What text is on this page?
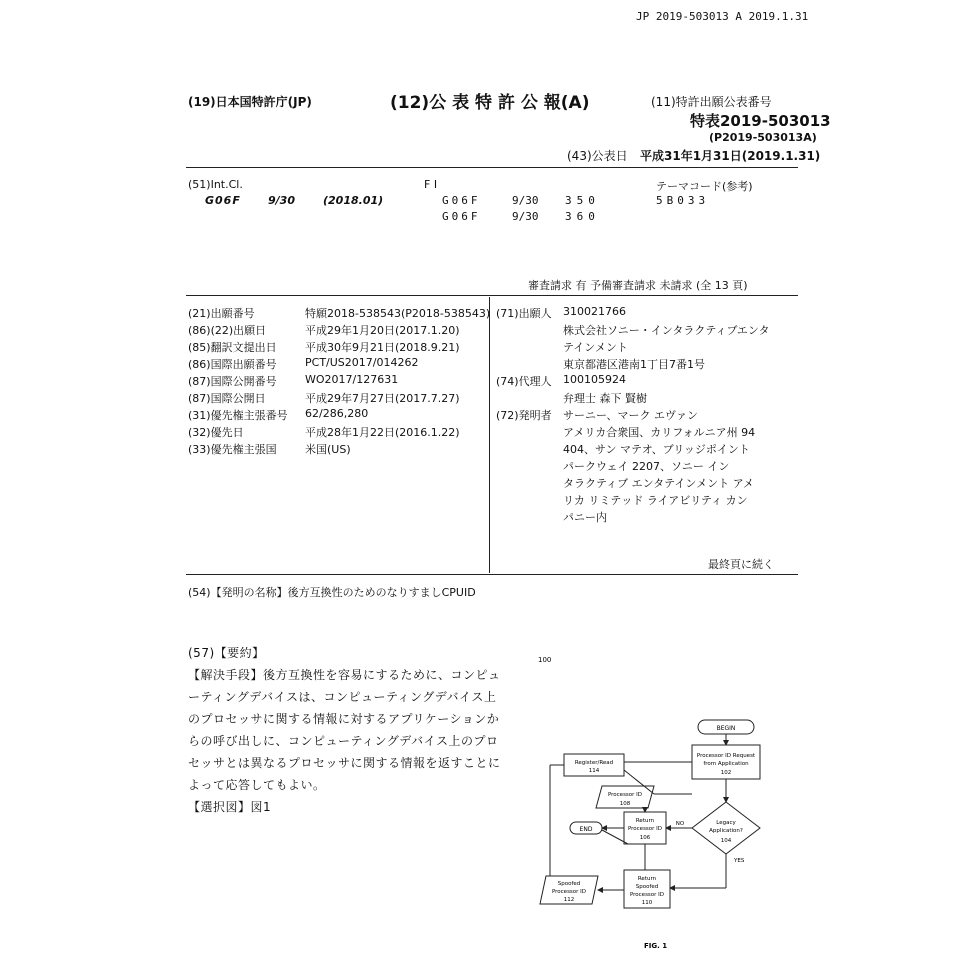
JP 2019-503013 A 2019.1.31
(19)日本国特許庁(JP)	(12)公 表 特 許 公 報(A)	(11)特許出願公表番号
特表2019-503013
(P2019-503013A)
(43)公表日 平成31年1月31日(2019.1.31)
(51)Int.Cl.
G06F 9/30	(2018.01)
F I
G06F	9/30 350
G06F	9/30 360
テーマコード(参考)
5B033
審査請求 有 予備審査請求 未請求 (全 13 頁)
(21)出願番号	特願2018-538543(P2018-538543)
(86)(22)出願日	平成29年1月20日(2017.1.20)
(85)翻訳文提出日	平成30年9月21日(2018.9.21)
(86)国際出願番号	PCT/US2017/014262
(87)国際公開番号	WO2017/127631
(87)国際公開日	平成29年7月27日(2017.7.27)
(31)優先権主張番号 62/286,280
(32)優先日	平成28年1月22日(2016.1.22)
(33)優先権主張国	米国(US)
(71)出願人 310021766
株式会社ソニー・インタラクティブエンタ
テインメント
東京都港区港南1丁目7番1号
(74)代理人 100105924
弁理士 森下 賢樹
(72)発明者 サーニー、マーク エヴァン
アメリカ合衆国、カリフォルニア州 94
404、サン マテオ、ブリッジポイント
パークウェイ 2207、ソニー イン
タラクティブ エンタテインメント アメ
リカ リミテッド ライアビリティ カン
パニー内
最終頁に続く
(54)【発明の名称】後方互換性のためのなりすましCPUID
(57)【要約】
【解決手段】後方互換性を容易にするために、コンピュ
ーティングデバイスは、コンピューティングデバイス上
のプロセッサに関する情報に対するアプリケーションか
らの呼び出しに、コンピューティングデバイス上のプロ
セッサとは異なるプロセッサに関する情報を返すことに
よって応答してもよい。
【選択図】図1
100
BEGIN
Processor ID Request
from Application
102
Legacy
Application?
104
NO
Return
Processor ID
106
Processor ID
108
END
YES
Return
Spoofed
Processor ID
110
Spoofed
Processor ID
112
Register/Read
114
FIG. 1
